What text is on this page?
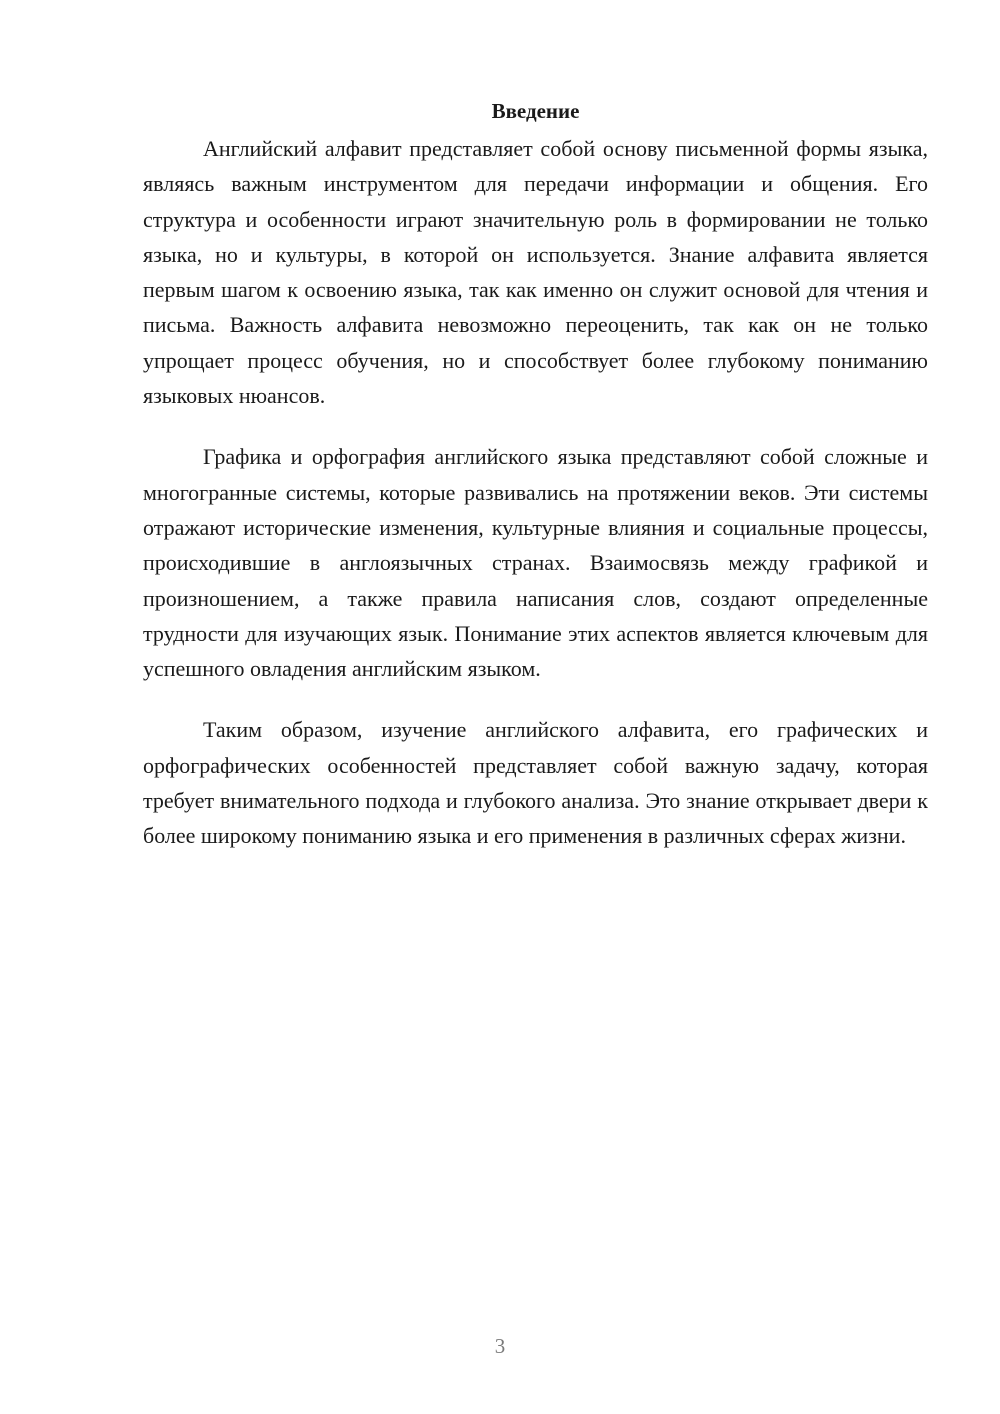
Введение

Английский алфавит представляет собой основу письменной формы языка, являясь важным инструментом для передачи информации и общения. Его структура и особенности играют значительную роль в формировании не только языка, но и культуры, в которой он используется. Знание алфавита является первым шагом к освоению языка, так как именно он служит основой для чтения и письма. Важность алфавита невозможно переоценить, так как он не только упрощает процесс обучения, но и способствует более глубокому пониманию языковых нюансов.

Графика и орфография английского языка представляют собой сложные и многогранные системы, которые развивались на протяжении веков. Эти системы отражают исторические изменения, культурные влияния и социальные процессы, происходившие в англоязычных странах. Взаимосвязь между графикой и произношением, а также правила написания слов, создают определенные трудности для изучающих язык. Понимание этих аспектов является ключевым для успешного овладения английским языком.

Таким образом, изучение английского алфавита, его графических и орфографических особенностей представляет собой важную задачу, которая требует внимательного подхода и глубокого анализа. Это знание открывает двери к более широкому пониманию языка и его применения в различных сферах жизни.

3
